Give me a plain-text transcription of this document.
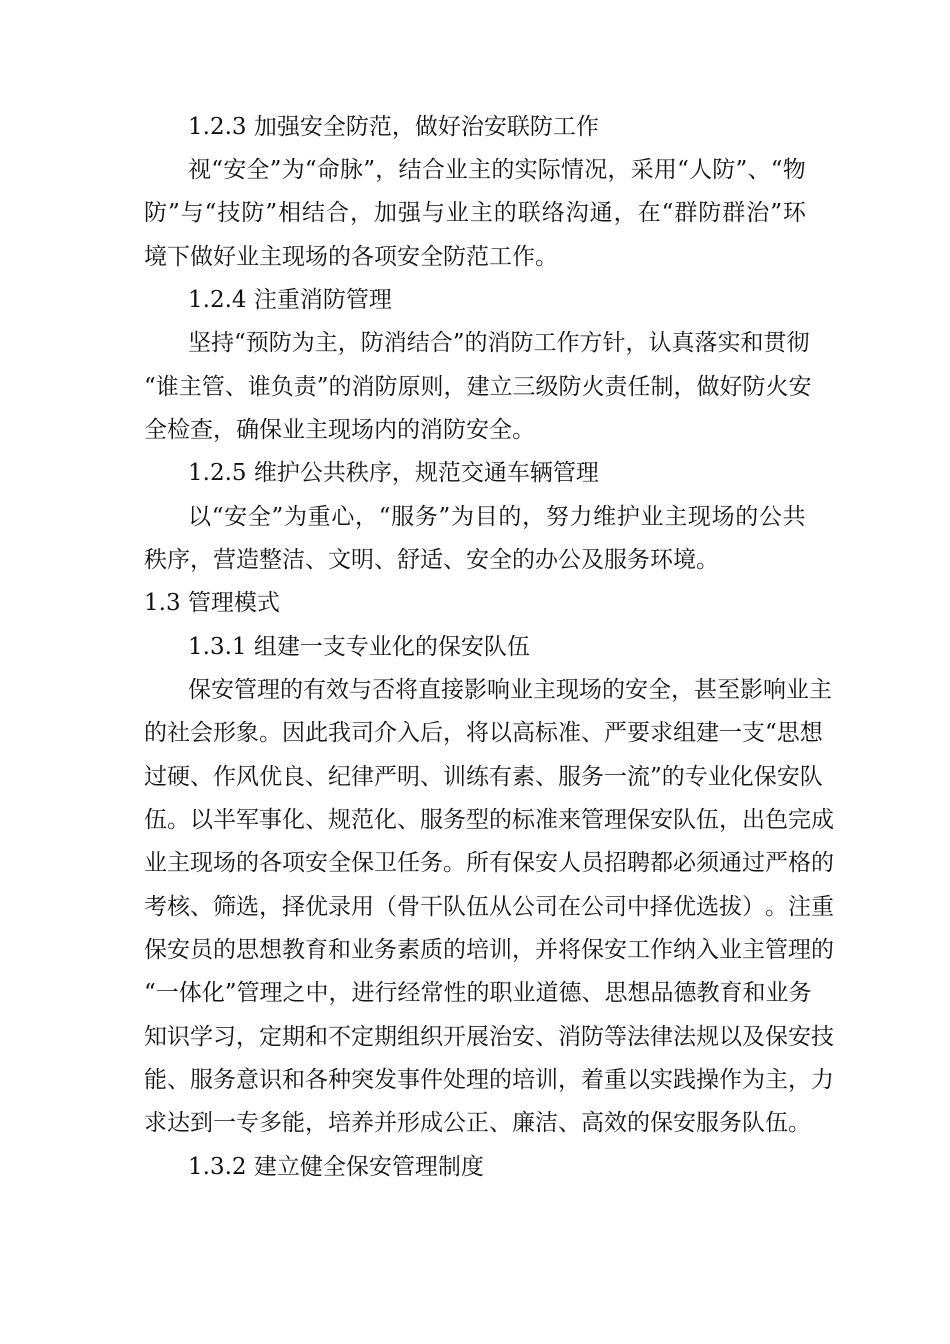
1.2.3 加强安全防范，做好治安联防工作
视 “ 安 全 ” 为 “ 命 脉 ” ， 结 合 业 主 的 实 际 情 况 ， 采 用 “ 人 防 ” 、 “ 物
防 ” 与 “ 技 防 ” 相 结 合 ， 加 强 与 业 主 的 联 络 沟 通 ， 在 “ 群 防 群 治 ” 环
境下做好业主现场的各项安全防范工作。
1.2.4 注重消防管理
坚 持 “ 预 防 为 主 ， 防 消 结 合 ” 的 消 防 工 作 方 针 ， 认 真 落 实 和 贯 彻
“ 谁 主 管 、 谁 负 责 ” 的 消 防 原 则 ， 建 立 三 级 防 火 责 任 制 ， 做 好 防 火 安
全检查，确保业主现场内的消防安全。
1.2.5 维护公共秩序，规范交通车辆管理
以 “ 安 全 ” 为 重 心 ， “ 服 务 ” 为 目 的 ， 努 力 维 护 业 主 现 场 的 公 共
秩序，营造整洁、文明、舒适、安全的办公及服务环境。
1.3 管理模式
1.3.1 组建一支专业化的保安队伍
保 安 管 理 的 有 效 与 否 将 直 接 影 响 业 主 现 场 的 安 全 ， 甚 至 影 响 业 主
的 社 会 形 象 。 因 此 我 司 介 入 后 ， 将 以 高 标 准 、 严 要 求 组 建 一 支 “ 思 想
过 硬 、 作 风 优 良 、 纪 律 严 明 、 训 练 有 素 、 服 务 一 流 ” 的 专 业 化 保 安 队
伍 。 以 半 军 事 化 、 规 范 化 、 服 务 型 的 标 准 来 管 理 保 安 队 伍 ， 出 色 完 成
业 主 现 场 的 各 项 安 全 保 卫 任 务 。 所 有 保 安 人 员 招 聘 都 必 须 通 过 严 格 的
考 核 、 筛 选 ， 择 优 录 用 （ 骨 干 队 伍 从 公 司 在 公 司 中 择 优 选 拔 ） 。 注 重
保 安 员 的 思 想 教 育 和 业 务 素 质 的 培 训 ， 并 将 保 安 工 作 纳 入 业 主 管 理 的
“ 一 体 化 ” 管 理 之 中 ， 进 行 经 常 性 的 职 业 道 德 、 思 想 品 德 教 育 和 业 务
知 识 学 习 ， 定 期 和 不 定 期 组 织 开 展 治 安 、 消 防 等 法 律 法 规 以 及 保 安 技
能 、 服 务 意 识 和 各 种 突 发 事 件 处 理 的 培 训 ， 着 重 以 实 践 操 作 为 主 ， 力
求达到一专多能，培养并形成公正、廉洁、高效的保安服务队伍。
1.3.2 建立健全保安管理制度
